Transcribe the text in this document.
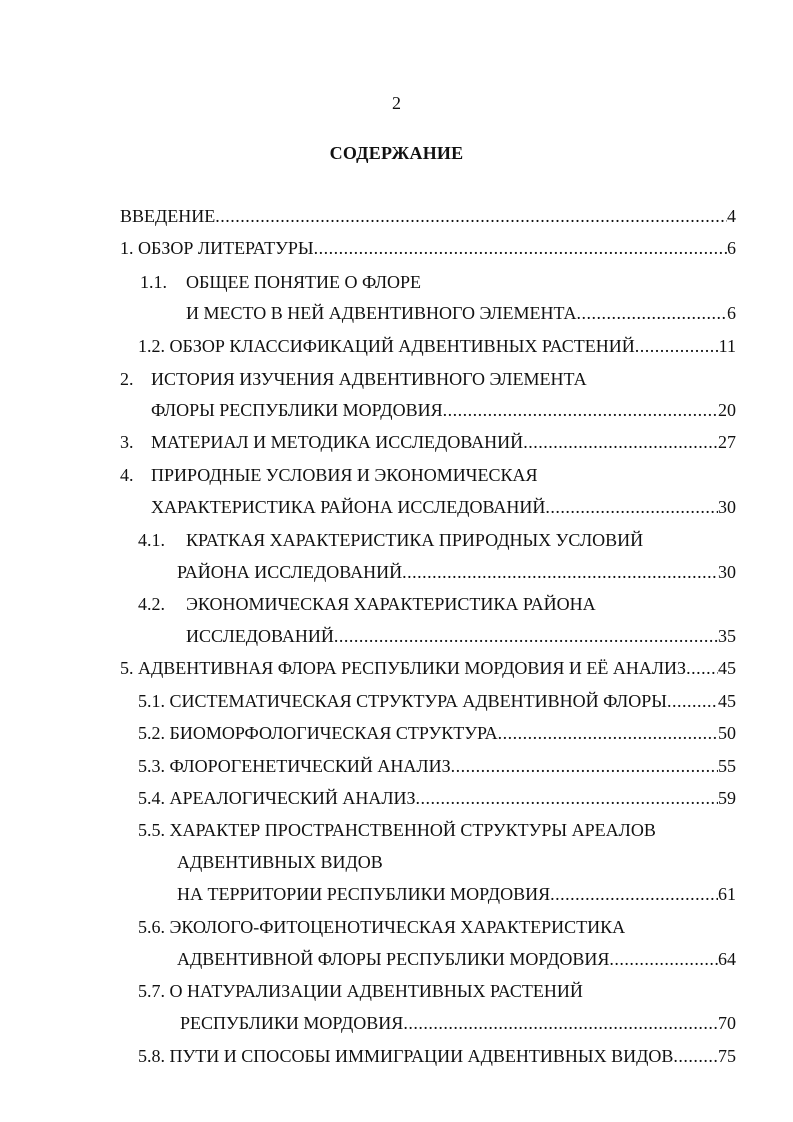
2
СОДЕРЖАНИЕ
ВВЕДЕНИЕ .....	4
1. ОБЗОР ЛИТЕРАТУРЫ .....	6
1.1. ОБЩЕЕ ПОНЯТИЕ О ФЛОРЕ
И МЕСТО В НЕЙ АДВЕНТИВНОГО ЭЛЕМЕНТА .....	6
1.2. ОБЗОР КЛАССИФИКАЦИЙ АДВЕНТИВНЫХ РАСТЕНИЙ .....	11
2. ИСТОРИЯ ИЗУЧЕНИЯ АДВЕНТИВНОГО ЭЛЕМЕНТА
ФЛОРЫ РЕСПУБЛИКИ МОРДОВИЯ .....	20
3. МАТЕРИАЛ И МЕТОДИКА ИССЛЕДОВАНИЙ .....	27
4. ПРИРОДНЫЕ УСЛОВИЯ И ЭКОНОМИЧЕСКАЯ
ХАРАКТЕРИСТИКА РАЙОНА ИССЛЕДОВАНИЙ .....	30
4.1. КРАТКАЯ ХАРАКТЕРИСТИКА ПРИРОДНЫХ УСЛОВИЙ
РАЙОНА ИССЛЕДОВАНИЙ .....	30
4.2. ЭКОНОМИЧЕСКАЯ ХАРАКТЕРИСТИКА РАЙОНА
ИССЛЕДОВАНИЙ .....	35
5. АДВЕНТИВНАЯ ФЛОРА РЕСПУБЛИКИ МОРДОВИЯ И ЕЁ АНАЛИЗ ..... 45
5.1. СИСТЕМАТИЧЕСКАЯ СТРУКТУРА АДВЕНТИВНОЙ ФЛОРЫ .....	45
5.2. БИОМОРФОЛОГИЧЕСКАЯ СТРУКТУРА .....	50
5.3. ФЛОРОГЕНЕТИЧЕСКИЙ АНАЛИЗ .....	55
5.4. АРЕАЛОГИЧЕСКИЙ АНАЛИЗ .....	59
5.5. ХАРАКТЕР ПРОСТРАНСТВЕННОЙ СТРУКТУРЫ АРЕАЛОВ
АДВЕНТИВНЫХ ВИДОВ
НА ТЕРРИТОРИИ РЕСПУБЛИКИ МОРДОВИЯ .....	61
5.6. ЭКОЛОГО-ФИТОЦЕНОТИЧЕСКАЯ ХАРАКТЕРИСТИКА
АДВЕНТИВНОЙ ФЛОРЫ РЕСПУБЛИКИ МОРДОВИЯ .....	64
5.7. О НАТУРАЛИЗАЦИИ АДВЕНТИВНЫХ РАСТЕНИЙ
РЕСПУБЛИКИ МОРДОВИЯ .....	70
5.8. ПУТИ И СПОСОБЫ ИММИГРАЦИИ АДВЕНТИВНЫХ ВИДОВ ..... 75
